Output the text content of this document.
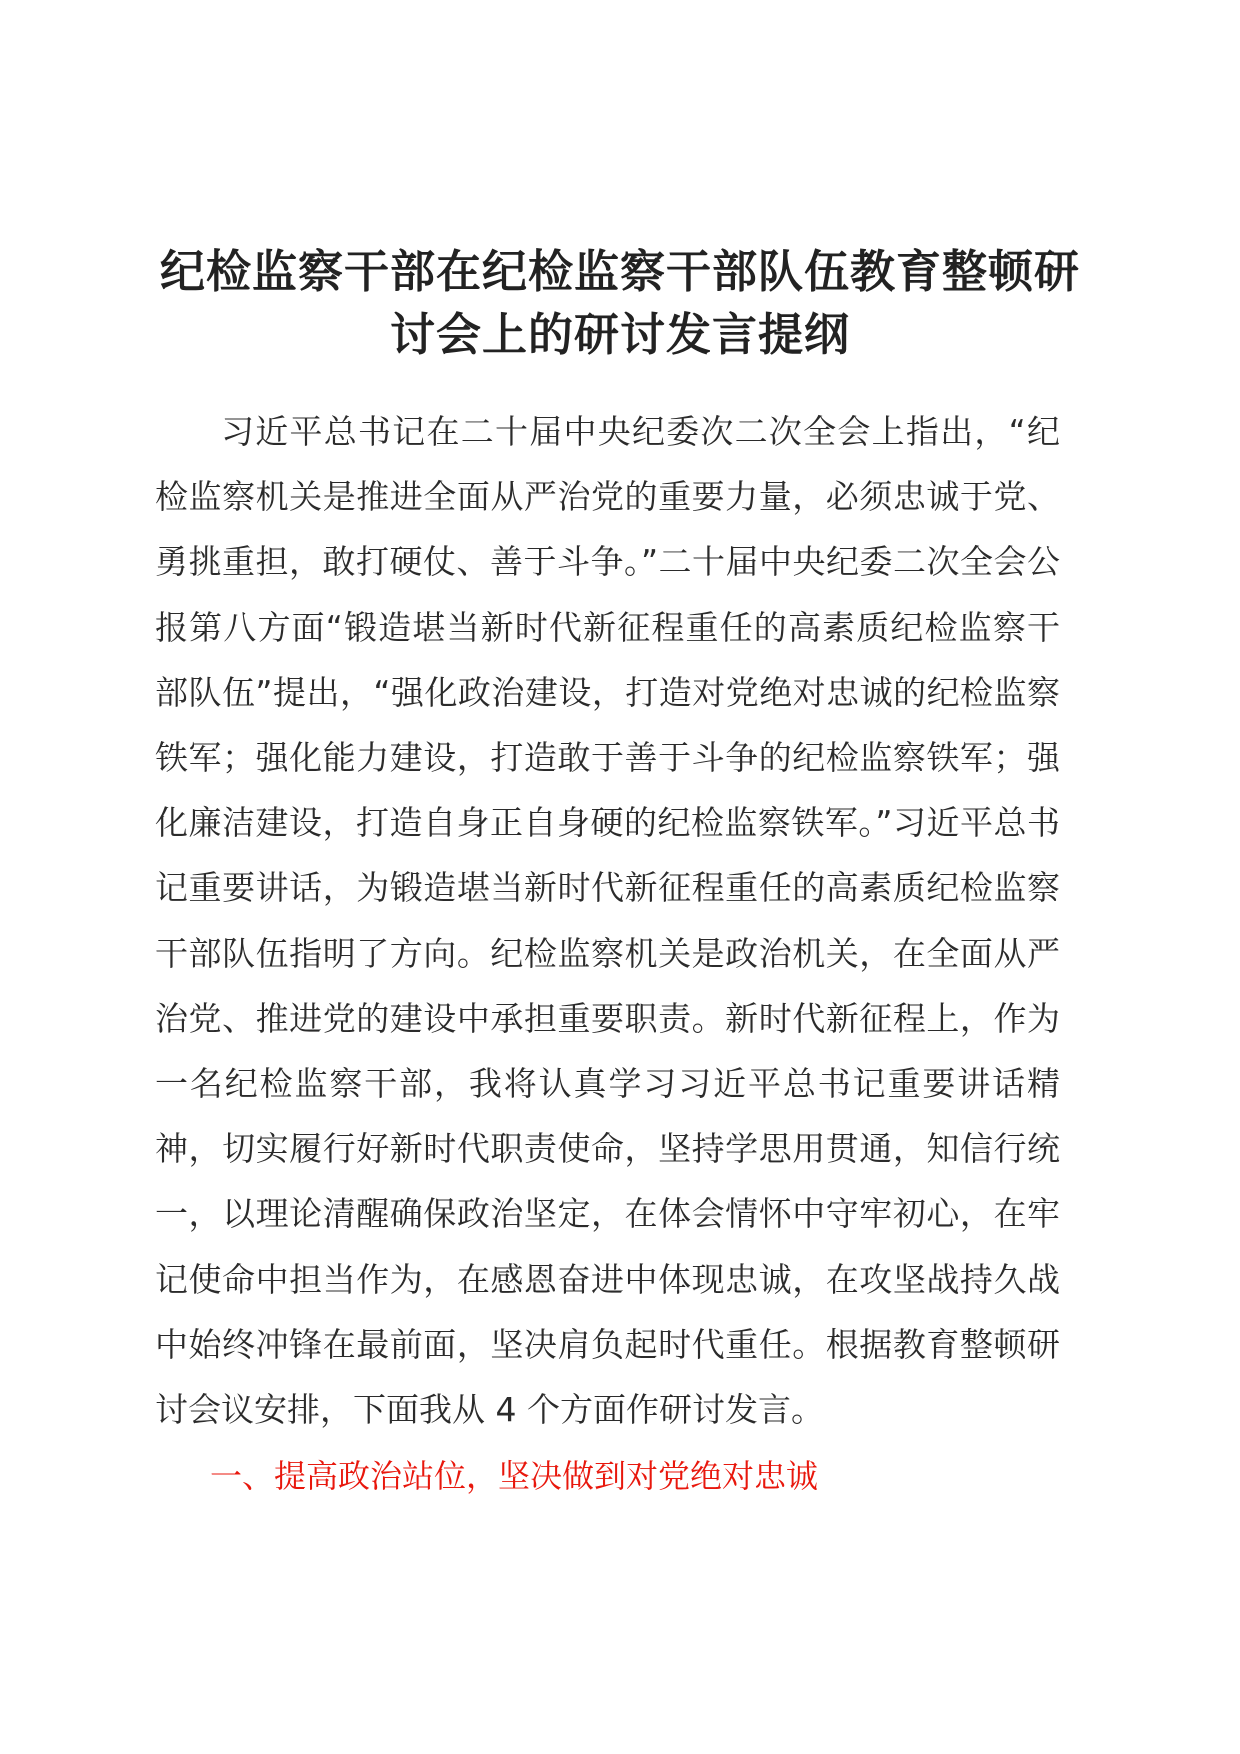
纪检监察干部在纪检监察干部队伍教育整顿研
讨会上的研讨发言提纲

习近平总书记在二十届中央纪委次二次全会上指出，“纪检监察机关是推进全面从严治党的重要力量，必须忠诚于党、勇挑重担，敢打硬仗、善于斗争。”二十届中央纪委二次全会公报第八方面“锻造堪当新时代新征程重任的高素质纪检监察干部队伍”提出，“强化政治建设，打造对党绝对忠诚的纪检监察铁军；强化能力建设，打造敢于善于斗争的纪检监察铁军；强化廉洁建设，打造自身正自身硬的纪检监察铁军。”习近平总书记重要讲话，为锻造堪当新时代新征程重任的高素质纪检监察干部队伍指明了方向。纪检监察机关是政治机关，在全面从严治党、推进党的建设中承担重要职责。新时代新征程上，作为一名纪检监察干部，我将认真学习习近平总书记重要讲话精神，切实履行好新时代职责使命，坚持学思用贯通，知信行统一，以理论清醒确保政治坚定，在体会情怀中守牢初心，在牢记使命中担当作为，在感恩奋进中体现忠诚，在攻坚战持久战中始终冲锋在最前面，坚决肩负起时代重任。根据教育整顿研讨会议安排，下面我从 4 个方面作研讨发言。

一、提高政治站位，坚决做到对党绝对忠诚
